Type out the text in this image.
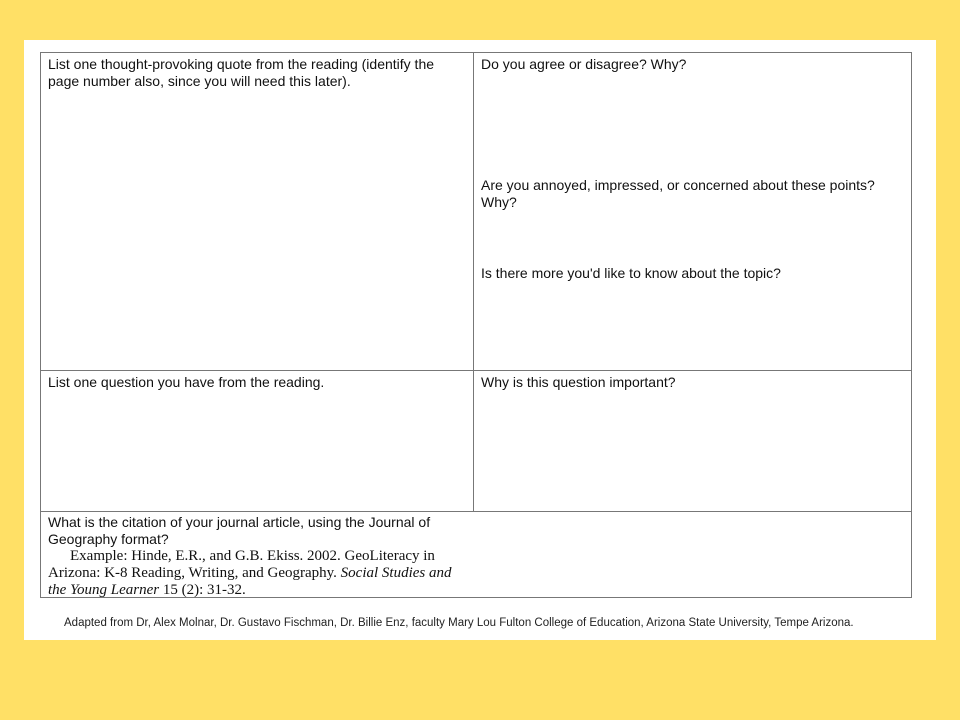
List one thought-provoking quote from the reading (identify the page number also, since you will need this later).
Do you agree or disagree? Why?
Are you annoyed, impressed, or concerned about these points? Why?
Is there more you'd like to know about the topic?
List one question you have from the reading.	Why is this question important?
What is the citation of your journal article, using the Journal of Geography format?
Example: Hinde, E.R., and G.B. Ekiss. 2002. GeoLiteracy in Arizona: K-8 Reading, Writing, and Geography. Social Studies and the Young Learner 15 (2): 31-32.
Adapted from Dr, Alex Molnar, Dr. Gustavo Fischman, Dr. Billie Enz, faculty Mary Lou Fulton College of Education, Arizona State University, Tempe Arizona.
